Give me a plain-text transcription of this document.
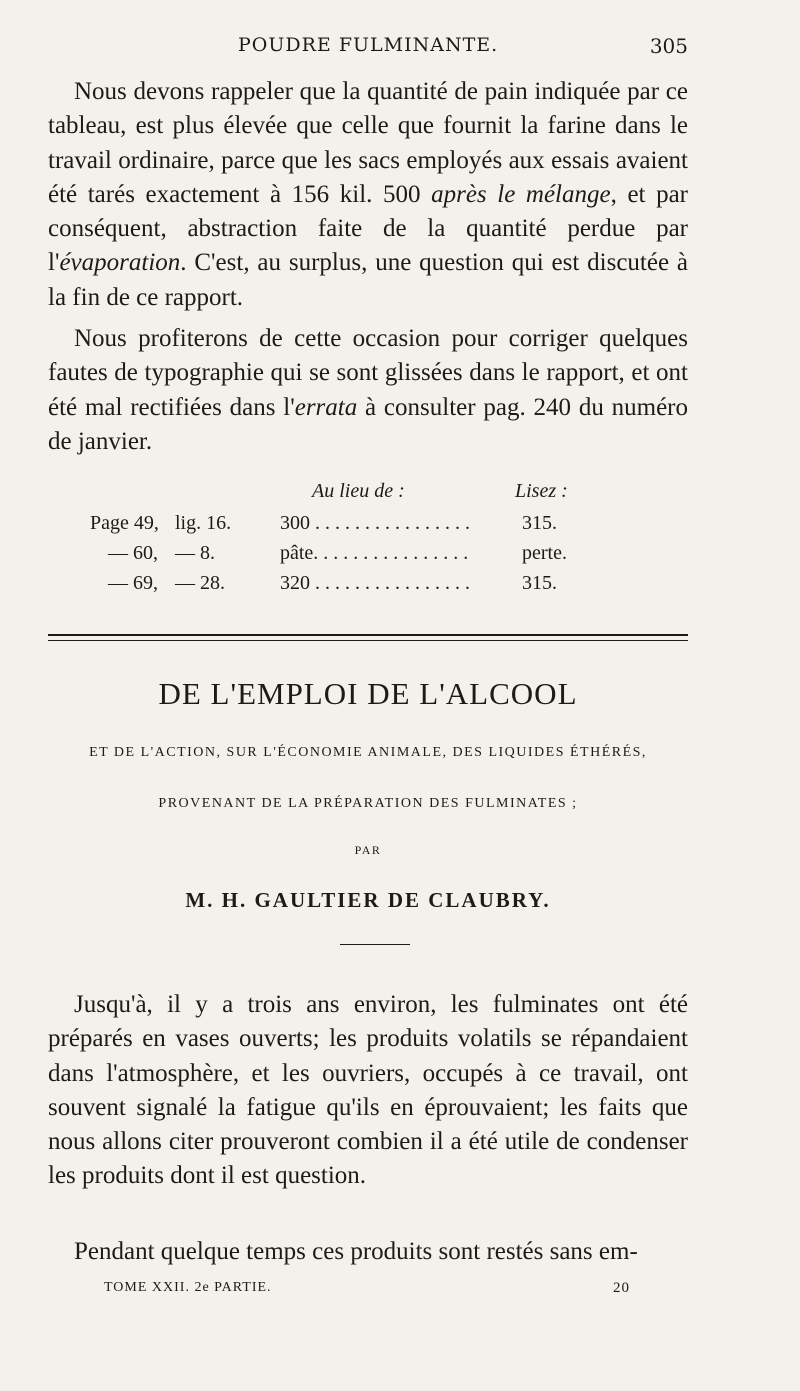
POUDRE FULMINANTE.	305

Nous devons rappeler que la quantité de pain indiquée par ce tableau, est plus élevée que celle que fournit la farine dans le travail ordinaire, parce que les sacs employés aux essais avaient été tarés exactement à 156 kil. 500 après le mélange, et par conséquent, abstraction faite de la quantité perdue par l'évaporation. C'est, au surplus, une question qui est discutée à la fin de ce rapport.

Nous profiterons de cette occasion pour corriger quelques fautes de typographie qui se sont glissées dans le rapport, et ont été mal rectifiées dans l'errata à consulter pag. 240 du numéro de janvier.

Au lieu de :	Lisez :
Page 49, lig. 16. 300 . . . . . . . . . . . . . . . .	315.
— 60, — 8.	pâte. . . . . . . . . . . . . . . .	perte.
— 69, — 28.	320 . . . . . . . . . . . . . . . .	315.
DE L'EMPLOI DE L'ALCOOL
ET DE L'ACTION, SUR L'ÉCONOMIE ANIMALE, DES LIQUIDES ÉTHÉRÉS,
PROVENANT DE LA PRÉPARATION DES FULMINATES ;
PAR
M. H. GAULTIER DE CLAUBRY.

Jusqu'à, il y a trois ans environ, les fulminates ont été préparés en vases ouverts; les produits volatils se répandaient dans l'atmosphère, et les ouvriers, occupés à ce travail, ont souvent signalé la fatigue qu'ils en éprouvaient; les faits que nous allons citer prouveront combien il a été utile de condenser les produits dont il est question.

Pendant quelque temps ces produits sont restés sans em-

TOME XXII. 2e PARTIE.	20
